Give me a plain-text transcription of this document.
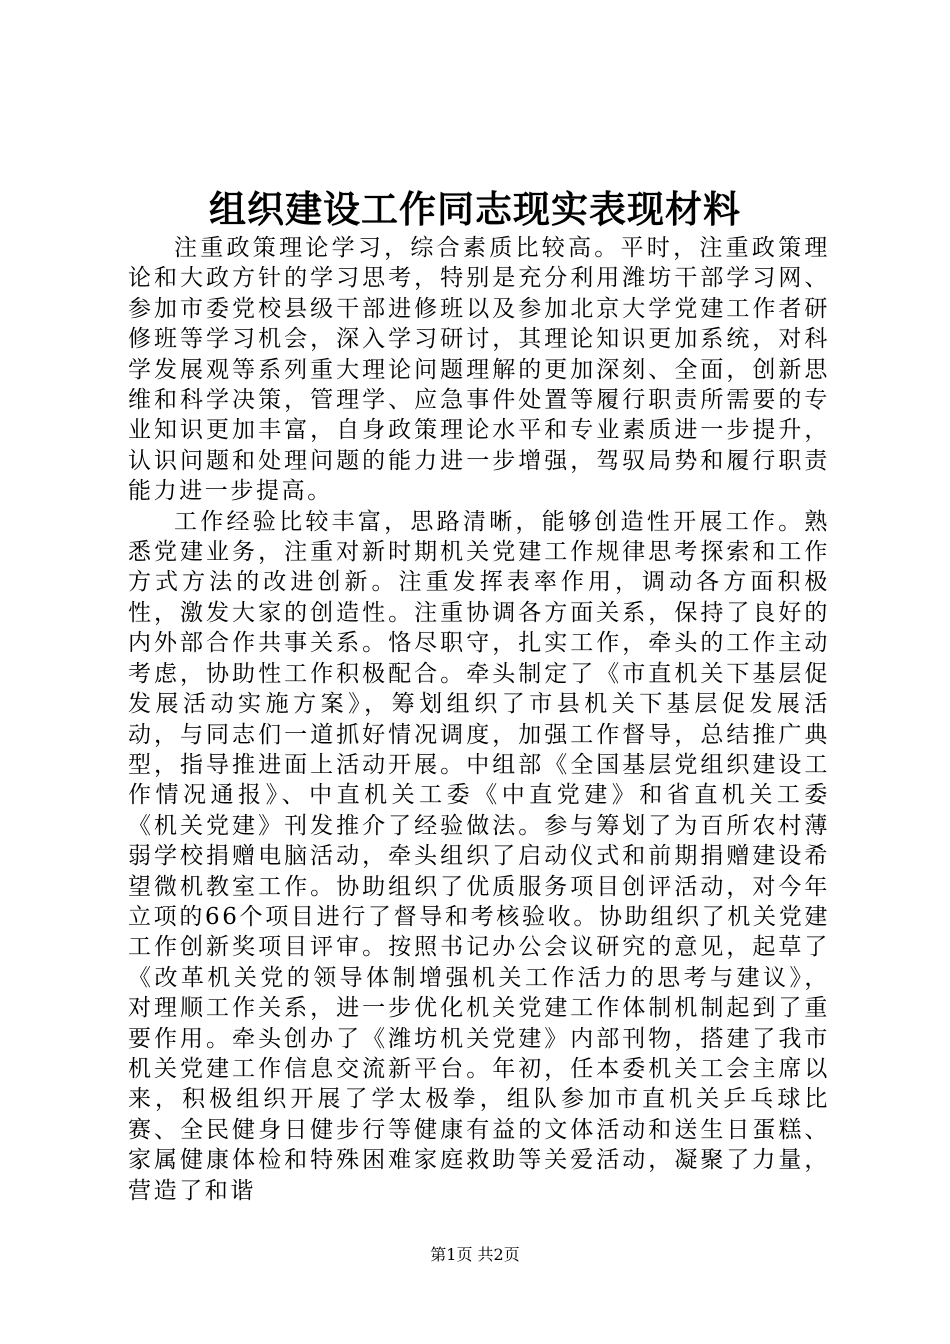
组织建设工作同志现实表现材料

注重政策理论学习，综合素质比较高。平时，注重政策理论和大政方针的学习思考，特别是充分利用潍坊干部学习网、参加市委党校县级干部进修班以及参加北京大学党建工作者研修班等学习机会，深入学习研讨，其理论知识更加系统，对科学发展观等系列重大理论问题理解的更加深刻、全面，创新思维和科学决策，管理学、应急事件处置等履行职责所需要的专业知识更加丰富，自身政策理论水平和专业素质进一步提升，认识问题和处理问题的能力进一步增强，驾驭局势和履行职责能力进一步提高。

工作经验比较丰富，思路清晰，能够创造性开展工作。熟悉党建业务，注重对新时期机关党建工作规律思考探索和工作方式方法的改进创新。注重发挥表率作用，调动各方面积极性，激发大家的创造性。注重协调各方面关系，保持了良好的内外部合作共事关系。恪尽职守，扎实工作，牵头的工作主动考虑，协助性工作积极配合。牵头制定了《市直机关下基层促发展活动实施方案》，筹划组织了市县机关下基层促发展活动，与同志们一道抓好情况调度，加强工作督导，总结推广典型，指导推进面上活动开展。中组部《全国基层党组织建设工作情况通报》、中直机关工委《中直党建》和省直机关工委《机关党建》刊发推介了经验做法。参与筹划了为百所农村薄弱学校捐赠电脑活动，牵头组织了启动仪式和前期捐赠建设希望微机教室工作。协助组织了优质服务项目创评活动，对今年立项的66个项目进行了督导和考核验收。协助组织了机关党建工作创新奖项目评审。按照书记办公会议研究的意见，起草了《改革机关党的领导体制增强机关工作活力的思考与建议》，对理顺工作关系，进一步优化机关党建工作体制机制起到了重要作用。牵头创办了《潍坊机关党建》内部刊物，搭建了我市机关党建工作信息交流新平台。年初，任本委机关工会主席以来，积极组织开展了学太极拳，组队参加市直机关乒乓球比赛、全民健身日健步行等健康有益的文体活动和送生日蛋糕、家属健康体检和特殊困难家庭救助等关爱活动，凝聚了力量，营造了和谐

第1页 共2页
